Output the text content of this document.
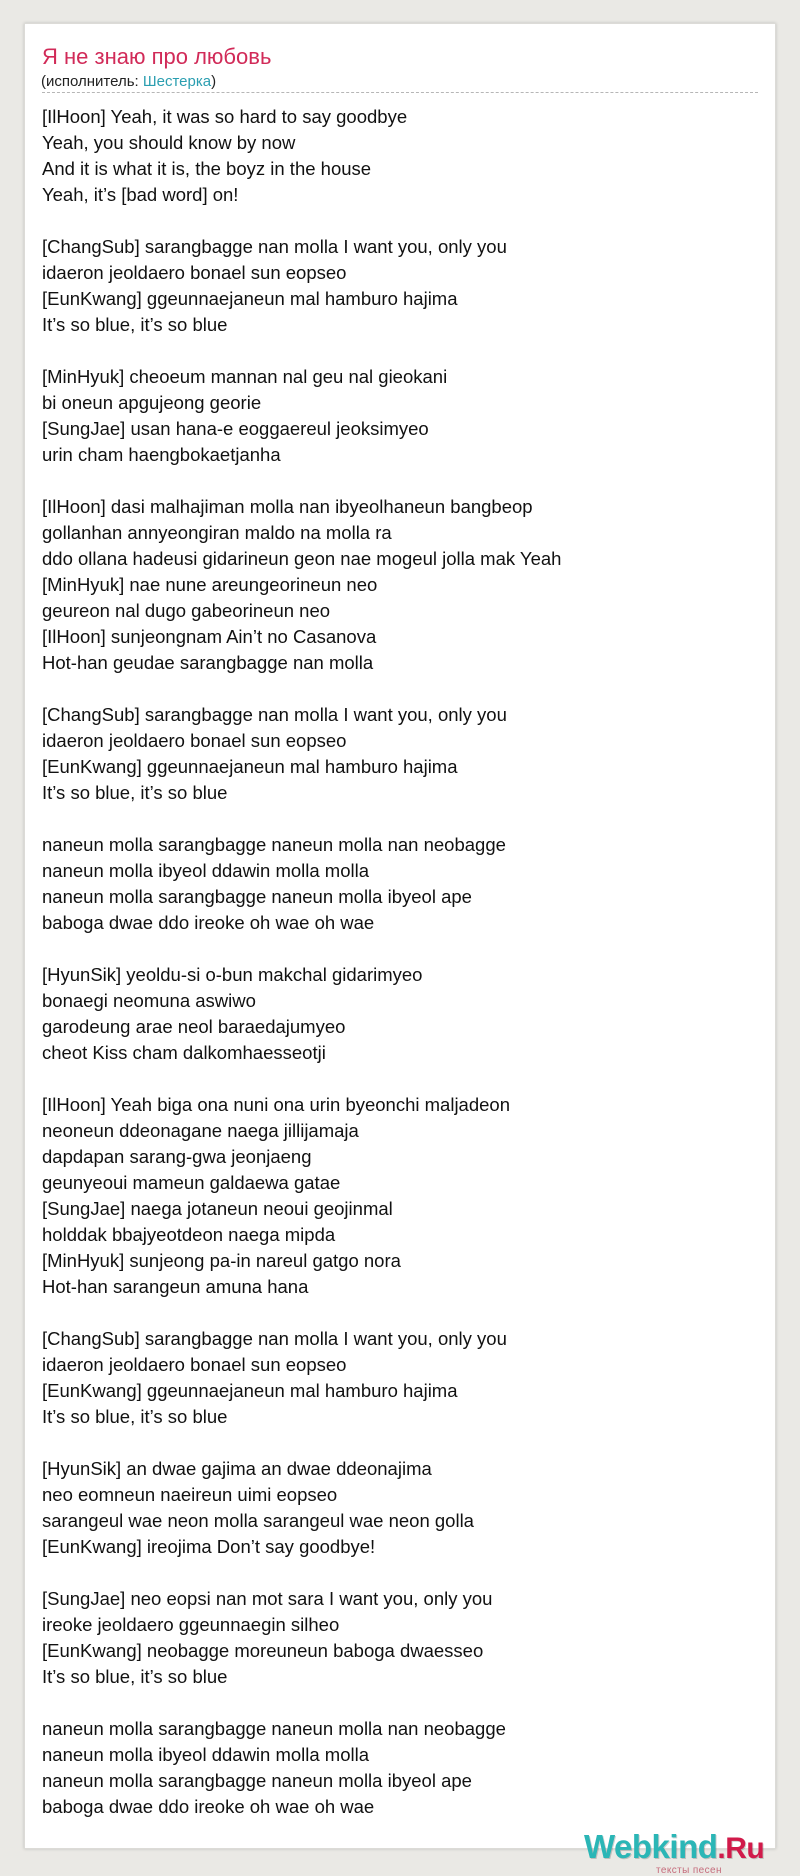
Я не знаю про любовь
(исполнитель: Шестерка)
[IlHoon] Yeah, it was so hard to say goodbye
Yeah, you should know by now
And it is what it is, the boyz in the house
Yeah, it’s [bad word] on!
[ChangSub] sarangbagge nan molla I want you, only you
idaeron jeoldaero bonael sun eopseo
[EunKwang] ggeunnaejaneun mal hamburo hajima
It’s so blue, it’s so blue
[MinHyuk] cheoeum mannan nal geu nal gieokani
bi oneun apgujeong georie
[SungJae] usan hana-e eoggaereul jeoksimyeo
urin cham haengbokaetjanha
[IlHoon] dasi malhajiman molla nan ibyeolhaneun bangbeop
gollanhan annyeongiran maldo na molla ra
ddo ollana hadeusi gidarineun geon nae mogeul jolla mak Yeah
[MinHyuk] nae nune areungeorineun neo
geureon nal dugo gabeorineun neo
[IlHoon] sunjeongnam Ain’t no Casanova
Hot-han geudae sarangbagge nan molla
[ChangSub] sarangbagge nan molla I want you, only you
idaeron jeoldaero bonael sun eopseo
[EunKwang] ggeunnaejaneun mal hamburo hajima
It’s so blue, it’s so blue
naneun molla sarangbagge naneun molla nan neobagge
naneun molla ibyeol ddawin molla molla
naneun molla sarangbagge naneun molla ibyeol ape
baboga dwae ddo ireoke oh wae oh wae
[HyunSik] yeoldu-si o-bun makchal gidarimyeo
bonaegi neomuna aswiwo
garodeung arae neol baraedajumyeo
cheot Kiss cham dalkomhaesseotji
[IlHoon] Yeah biga ona nuni ona urin byeonchi maljadeon
neoneun ddeonagane naega jillijamaja
dapdapan sarang-gwa jeonjaeng
geunyeoui mameun galdaewa gatae
[SungJae] naega jotaneun neoui geojinmal
holddak bbajyeotdeon naega mipda
[MinHyuk] sunjeong pa-in nareul gatgo nora
Hot-han sarangeun amuna hana
[ChangSub] sarangbagge nan molla I want you, only you
idaeron jeoldaero bonael sun eopseo
[EunKwang] ggeunnaejaneun mal hamburo hajima
It’s so blue, it’s so blue
[HyunSik] an dwae gajima an dwae ddeonajima
neo eomneun naeireun uimi eopseo
sarangeul wae neon molla sarangeul wae neon golla
[EunKwang] ireojima Don’t say goodbye!
[SungJae] neo eopsi nan mot sara I want you, only you
ireoke jeoldaero ggeunnaegin silheo
[EunKwang] neobagge moreuneun baboga dwaesseo
It’s so blue, it’s so blue
naneun molla sarangbagge naneun molla nan neobagge
naneun molla ibyeol ddawin molla molla
naneun molla sarangbagge naneun molla ibyeol ape
baboga dwae ddo ireoke oh wae oh wae
Webkind.Ru
тексты песен
